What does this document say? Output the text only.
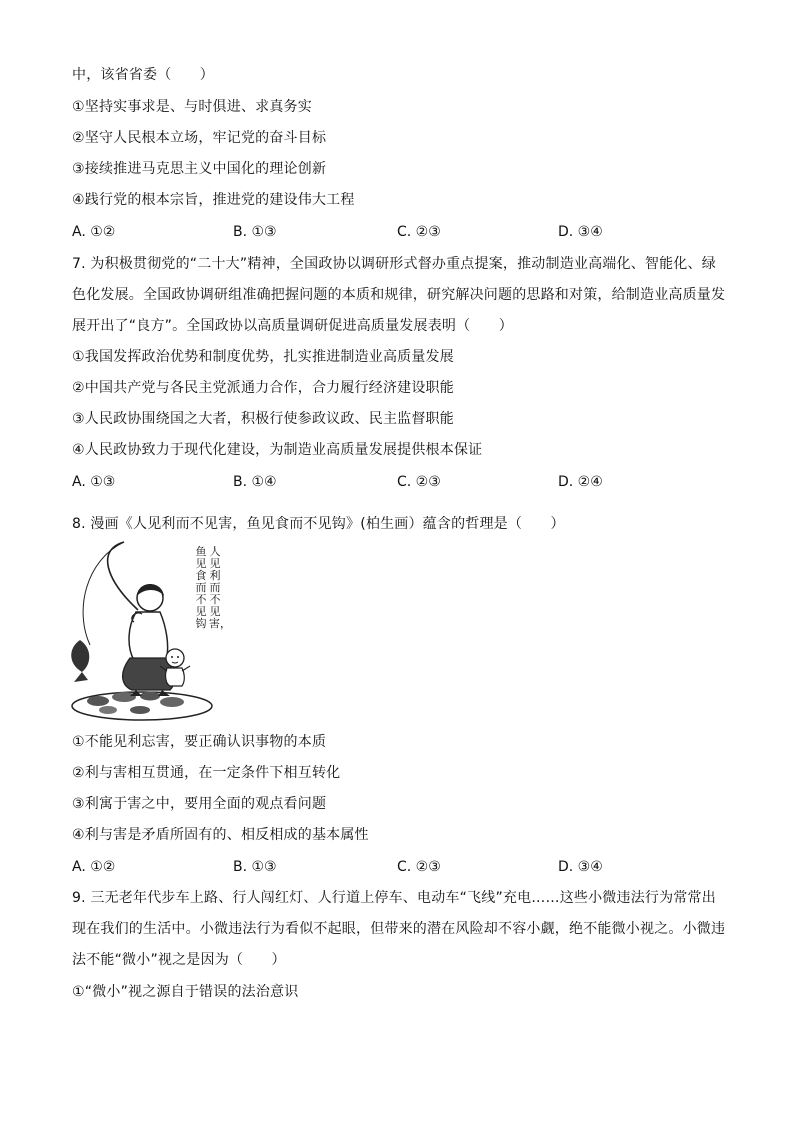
中，该省省委（　　）
①坚持实事求是、与时俱进、求真务实
②坚守人民根本立场，牢记党的奋斗目标
③接续推进马克思主义中国化的理论创新
④践行党的根本宗旨，推进党的建设伟大工程
A. ①②	B. ①③	C. ②③	D. ③④
7. 为积极贯彻党的“二十大”精神，全国政协以调研形式督办重点提案，推动制造业高端化、智能化、绿
色化发展。全国政协调研组准确把握问题的本质和规律，研究解决问题的思路和对策，给制造业高质量发
展开出了“良方”。全国政协以高质量调研促进高质量发展表明（　　）
①我国发挥政治优势和制度优势，扎实推进制造业高质量发展
②中国共产党与各民主党派通力合作，合力履行经济建设职能
③人民政协围绕国之大者，积极行使参政议政、民主监督职能
④人民政协致力于现代化建设，为制造业高质量发展提供根本保证
A. ①③	B. ①④	C. ②③	D. ②④
8. 漫画《人见利而不见害，鱼见食而不见钩》(柏生画）蕴含的哲理是（　　）
人见利而不见害，
鱼见食而不见钩
①不能见利忘害，要正确认识事物的本质
②利与害相互贯通，在一定条件下相互转化
③利寓于害之中，要用全面的观点看问题
④利与害是矛盾所固有的、相反相成的基本属性
A. ①②	B. ①③	C. ②③	D. ③④
9. 三无老年代步车上路、行人闯红灯、人行道上停车、电动车“飞线”充电……这些小微违法行为常常出
现在我们的生活中。小微违法行为看似不起眼，但带来的潜在风险却不容小觑，绝不能微小视之。小微违
法不能“微小”视之是因为（　　）
①“微小”视之源自于错误的法治意识
